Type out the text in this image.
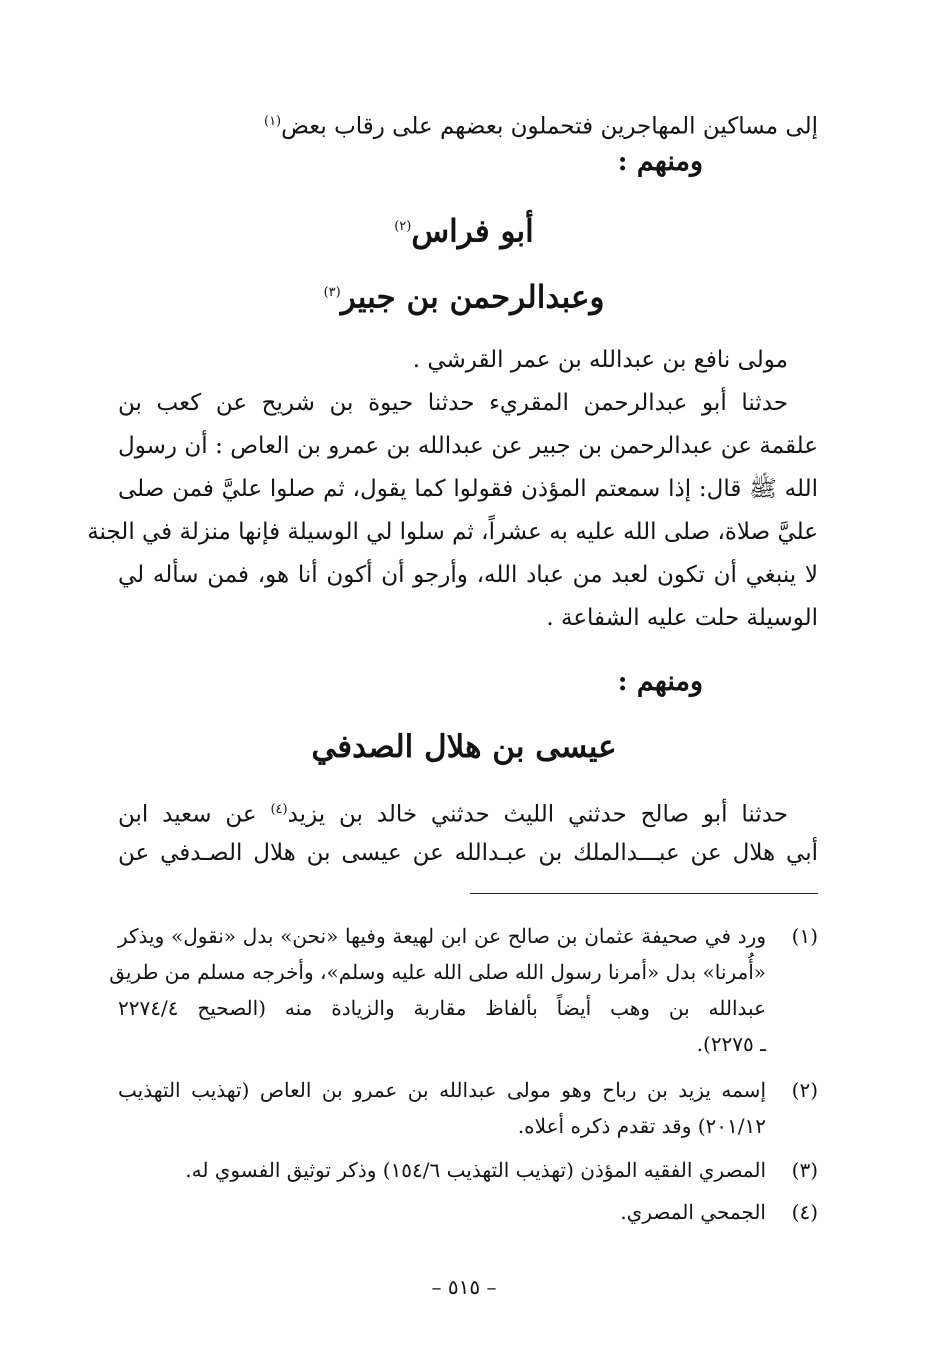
إلى مساكين المهاجرين فتحملون بعضهم على رقاب بعض$^{(١)}$
ومنهم :
أبو فراس$^{(٢)}$
وعبدالرحمن بن جبير$^{(٣)}$
مولى نافع بن عبدالله بن عمر القرشي .
حدثنا أبو عبدالرحمن المقريء حدثنا حيوة بن شريح عن كعب بن
علقمة عن عبدالرحمن بن جبير عن عبدالله بن عمرو بن العاص : أن رسول
الله ﷺ قال: إذا سمعتم المؤذن فقولوا كما يقول، ثم صلوا عليَّ فمن صلى
عليَّ صلاة، صلى الله عليه به عشراً، ثم سلوا لي الوسيلة فإنها منزلة في الجنة
لا ينبغي أن تكون لعبد من عباد الله، وأرجو أن أكون أنا هو، فمن سأله لي
الوسيلة حلت عليه الشفاعة .
ومنهم :
عيسى بن هلال الصدفي
حدثنا أبو صالح حدثني الليث حدثني خالد بن يزيد$^{(٤)}$ عن سعيد ابن
أبي هلال عن عبـــدالملك بن عبـدالله عن عيسى بن هلال الصـدفي عن
(١)
ورد في صحيفة عثمان بن صالح عن ابن لهيعة وفيها «نحن» بدل «نقول» ويذكر
«أُمرنا» بدل «أمرنا رسول الله صلى الله عليه وسلم»، وأخرجه مسلم من طريق
عبدالله بن وهب أيضاً بألفاظ مقاربة والزيادة منه (الصحيح ٢٢٧٤/٤
ـ ٢٢٧٥).
(٢)
إسمه يزيد بن رباح وهو مولى عبدالله بن عمرو بن العاص (تهذيب التهذيب
٢٠١/١٢) وقد تقدم ذكره أعلاه.
(٣)
المصري الفقيه المؤذن (تهذيب التهذيب ١٥٤/٦) وذكر توثيق الفسوي له.
(٤)
الجمحي المصري.
– ٥١٥ –
